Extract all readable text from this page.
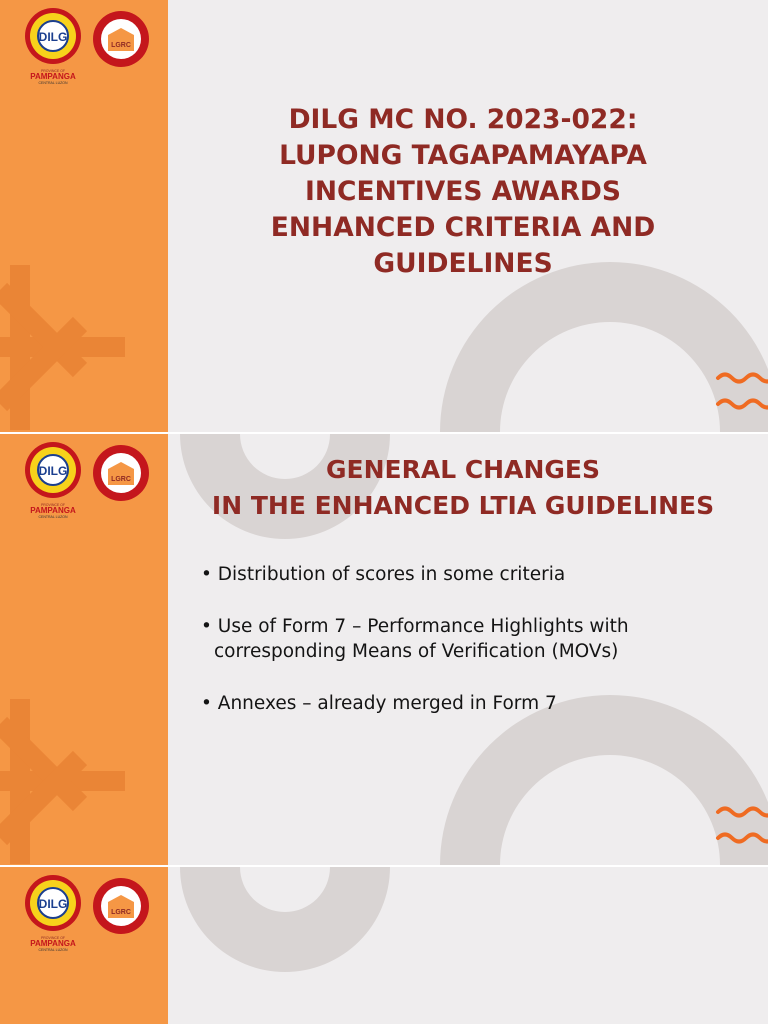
DILG
PROVINCE OF
PAMPANGA
CENTRAL LUZON
LGRC
DILG MC NO. 2023-022:
LUPONG TAGAPAMAYAPA
INCENTIVES AWARDS
ENHANCED CRITERIA AND
GUIDELINES
DILG
PROVINCE OF
PAMPANGA
CENTRAL LUZON
LGRC	GENERAL CHANGES
IN THE ENHANCED LTIA GUIDELINES
• Distribution of scores in some criteria
• Use of Form 7 – Performance Highlights with corresponding Means of Verification (MOVs)
• Annexes – already merged in Form 7
DILG
PROVINCE OF
PAMPANGA
CENTRAL LUZON
LGRC
